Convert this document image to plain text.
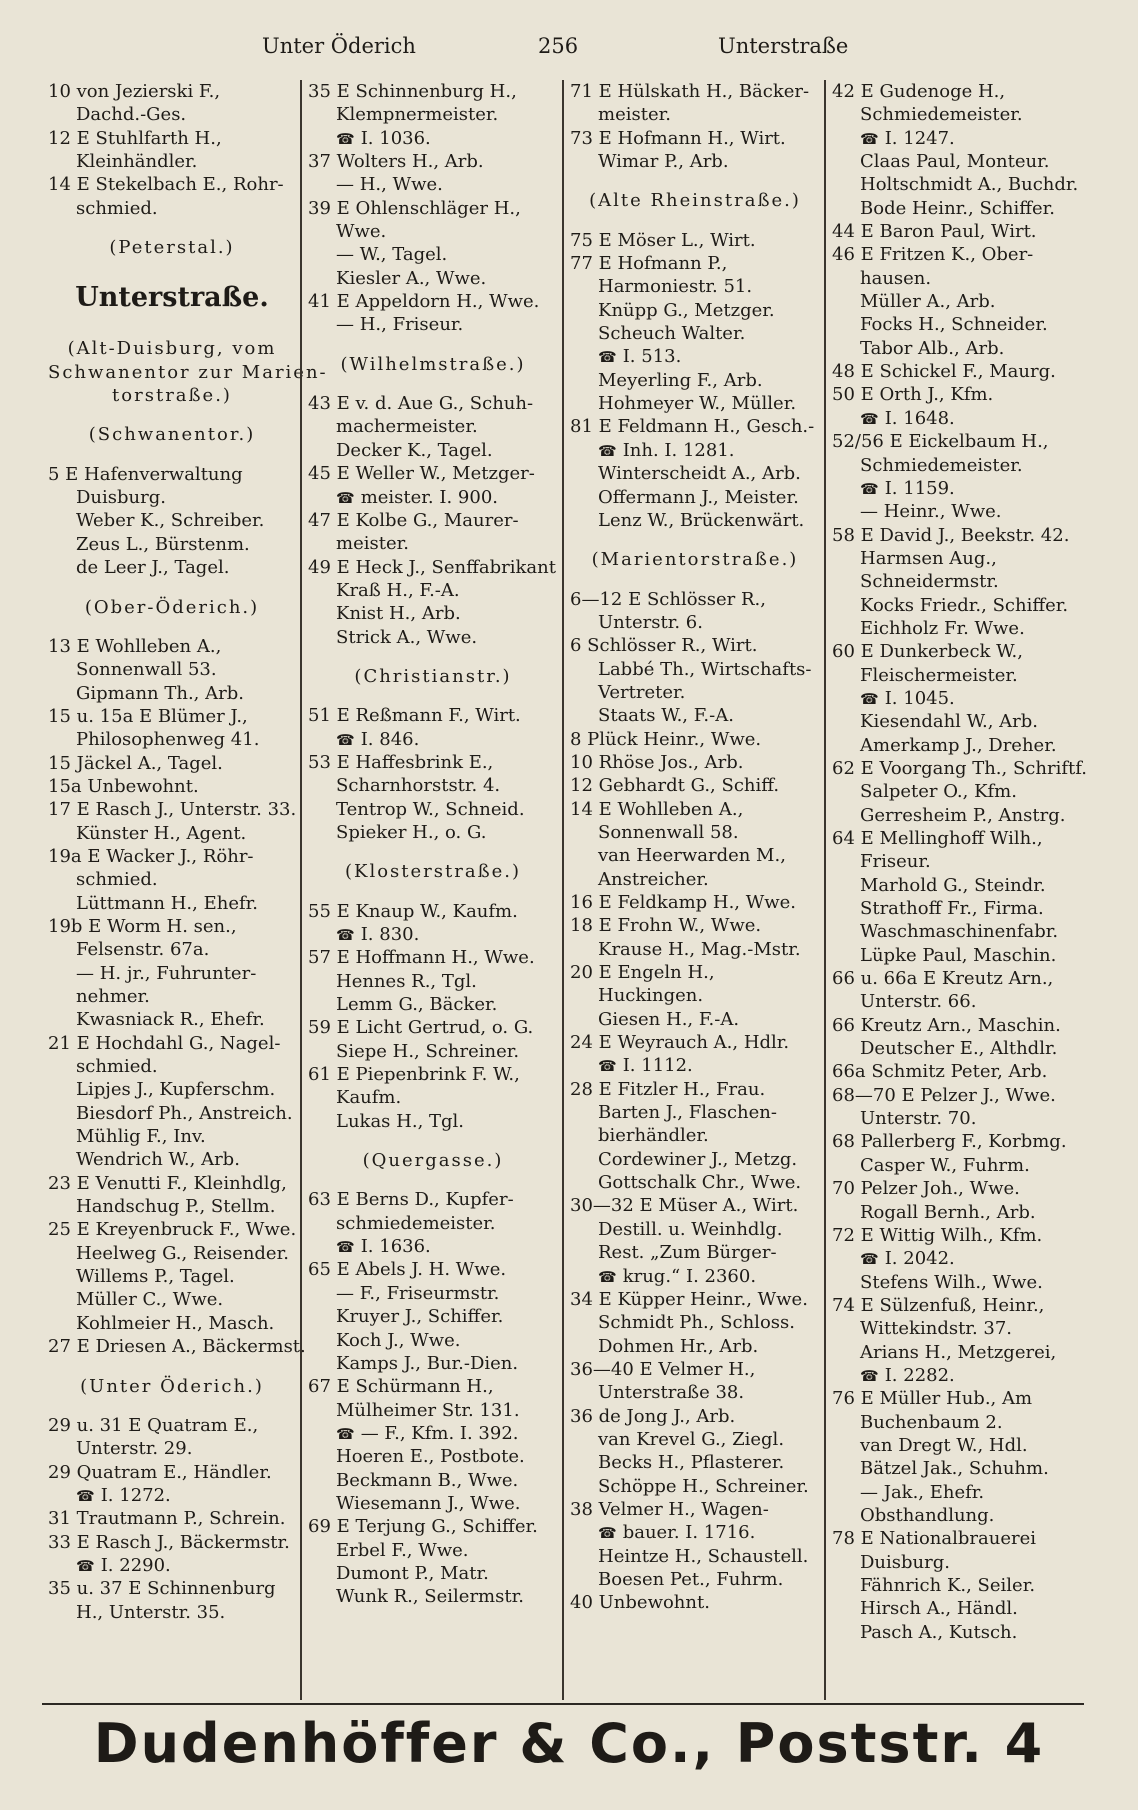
Unter Öderich	256	Unterstraße
10 von Jezierski F.,
Dachd.-Ges.
12 E Stuhlfarth H.,
Kleinhändler.
14 E Stekelbach E., Rohr-
schmied.
(Peterstal.)
Unterstraße.
(Alt-Duisburg, vom
Schwanentor zur Marien-
torstraße.)
(Schwanentor.)
5 E Hafenverwaltung
Duisburg.
Weber K., Schreiber.
Zeus L., Bürstenm.
de Leer J., Tagel.
(Ober-Öderich.)
13 E Wohlleben A.,
Sonnenwall 53.
Gipmann Th., Arb.
15 u. 15a E Blümer J.,
Philosophenweg 41.
15 Jäckel A., Tagel.
15a Unbewohnt.
17 E Rasch J., Unterstr. 33.
Künster H., Agent.
19a E Wacker J., Röhr-
schmied.
Lüttmann H., Ehefr.
19b E Worm H. sen.,
Felsenstr. 67a.
— H. jr., Fuhrunter-
nehmer.
Kwasniack R., Ehefr.
21 E Hochdahl G., Nagel-
schmied.
Lipjes J., Kupferschm.
Biesdorf Ph., Anstreich.
Mühlig F., Inv.
Wendrich W., Arb.
23 E Venutti F., Kleinhdlg,
Handschug P., Stellm.
25 E Kreyenbruck F., Wwe.
Heelweg G., Reisender.
Willems P., Tagel.
Müller C., Wwe.
Kohlmeier H., Masch.
27 E Driesen A., Bäckermst.
(Unter Öderich.)
29 u. 31 E Quatram E.,
Unterstr. 29.
29 Quatram E., Händler.
☎ I. 1272.
31 Trautmann P., Schrein.
33 E Rasch J., Bäckermstr.
☎ I. 2290.
35 u. 37 E Schinnenburg
H., Unterstr. 35.
35 E Schinnenburg H.,
Klempnermeister.
☎ I. 1036.
37 Wolters H., Arb.
— H., Wwe.
39 E Ohlenschläger H.,
Wwe.
— W., Tagel.
Kiesler A., Wwe.
41 E Appeldorn H., Wwe.
— H., Friseur.
(Wilhelmstraße.)
43 E v. d. Aue G., Schuh-
machermeister.
Decker K., Tagel.
45 E Weller W., Metzger-
☎ meister. I. 900.
47 E Kolbe G., Maurer-
meister.
49 E Heck J., Senffabrikant
Kraß H., F.-A.
Knist H., Arb.
Strick A., Wwe.
(Christianstr.)
51 E Reßmann F., Wirt.
☎ I. 846.
53 E Haffesbrink E.,
Scharnhorststr. 4.
Tentrop W., Schneid.
Spieker H., o. G.
(Klosterstraße.)
55 E Knaup W., Kaufm.
☎ I. 830.
57 E Hoffmann H., Wwe.
Hennes R., Tgl.
Lemm G., Bäcker.
59 E Licht Gertrud, o. G.
Siepe H., Schreiner.
61 E Piepenbrink F. W.,
Kaufm.
Lukas H., Tgl.
(Quergasse.)
63 E Berns D., Kupfer-
schmiedemeister.
☎ I. 1636.
65 E Abels J. H. Wwe.
— F., Friseurmstr.
Kruyer J., Schiffer.
Koch J., Wwe.
Kamps J., Bur.-Dien.
67 E Schürmann H.,
Mülheimer Str. 131.
☎ — F., Kfm. I. 392.
Hoeren E., Postbote.
Beckmann B., Wwe.
Wiesemann J., Wwe.
69 E Terjung G., Schiffer.
Erbel F., Wwe.
Dumont P., Matr.
Wunk R., Seilermstr.
71 E Hülskath H., Bäcker-
meister.
73 E Hofmann H., Wirt.
Wimar P., Arb.
(Alte Rheinstraße.)
75 E Möser L., Wirt.
77 E Hofmann P.,
Harmoniestr. 51.
Knüpp G., Metzger.
Scheuch Walter.
☎ I. 513.
Meyerling F., Arb.
Hohmeyer W., Müller.
81 E Feldmann H., Gesch.-
☎ Inh. I. 1281.
Winterscheidt A., Arb.
Offermann J., Meister.
Lenz W., Brückenwärt.
(Marientorstraße.)
6—12 E Schlösser R.,
Unterstr. 6.
6 Schlösser R., Wirt.
Labbé Th., Wirtschafts-
Vertreter.
Staats W., F.-A.
8 Plück Heinr., Wwe.
10 Rhöse Jos., Arb.
12 Gebhardt G., Schiff.
14 E Wohlleben A.,
Sonnenwall 58.
van Heerwarden M.,
Anstreicher.
16 E Feldkamp H., Wwe.
18 E Frohn W., Wwe.
Krause H., Mag.-Mstr.
20 E Engeln H.,
Huckingen.
Giesen H., F.-A.
24 E Weyrauch A., Hdlr.
☎ I. 1112.
28 E Fitzler H., Frau.
Barten J., Flaschen-
bierhändler.
Cordewiner J., Metzg.
Gottschalk Chr., Wwe.
30—32 E Müser A., Wirt.
Destill. u. Weinhdlg.
Rest. „Zum Bürger-
☎ krug.“ I. 2360.
34 E Küpper Heinr., Wwe.
Schmidt Ph., Schloss.
Dohmen Hr., Arb.
36—40 E Velmer H.,
Unterstraße 38.
36 de Jong J., Arb.
van Krevel G., Ziegl.
Becks H., Pflasterer.
Schöppe H., Schreiner.
38 Velmer H., Wagen-
☎ bauer. I. 1716.
Heintze H., Schaustell.
Boesen Pet., Fuhrm.
40 Unbewohnt.
42 E Gudenoge H.,
Schmiedemeister.
☎ I. 1247.
Claas Paul, Monteur.
Holtschmidt A., Buchdr.
Bode Heinr., Schiffer.
44 E Baron Paul, Wirt.
46 E Fritzen K., Ober-
hausen.
Müller A., Arb.
Focks H., Schneider.
Tabor Alb., Arb.
48 E Schickel F., Maurg.
50 E Orth J., Kfm.
☎ I. 1648.
52/56 E Eickelbaum H.,
Schmiedemeister.
☎ I. 1159.
— Heinr., Wwe.
58 E David J., Beekstr. 42.
Harmsen Aug.,
Schneidermstr.
Kocks Friedr., Schiffer.
Eichholz Fr. Wwe.
60 E Dunkerbeck W.,
Fleischermeister.
☎ I. 1045.
Kiesendahl W., Arb.
Amerkamp J., Dreher.
62 E Voorgang Th., Schriftf.
Salpeter O., Kfm.
Gerresheim P., Anstrg.
64 E Mellinghoff Wilh.,
Friseur.
Marhold G., Steindr.
Strathoff Fr., Firma.
Waschmaschinenfabr.
Lüpke Paul, Maschin.
66 u. 66a E Kreutz Arn.,
Unterstr. 66.
66 Kreutz Arn., Maschin.
Deutscher E., Althdlr.
66a Schmitz Peter, Arb.
68—70 E Pelzer J., Wwe.
Unterstr. 70.
68 Pallerberg F., Korbmg.
Casper W., Fuhrm.
70 Pelzer Joh., Wwe.
Rogall Bernh., Arb.
72 E Wittig Wilh., Kfm.
☎ I. 2042.
Stefens Wilh., Wwe.
74 E Sülzenfuß, Heinr.,
Wittekindstr. 37.
Arians H., Metzgerei,
☎ I. 2282.
76 E Müller Hub., Am
Buchenbaum 2.
van Dregt W., Hdl.
Bätzel Jak., Schuhm.
— Jak., Ehefr.
Obsthandlung.
78 E Nationalbrauerei
Duisburg.
Fähnrich K., Seiler.
Hirsch A., Händl.
Pasch A., Kutsch.
Dudenhöffer & Co., Poststr. 4
